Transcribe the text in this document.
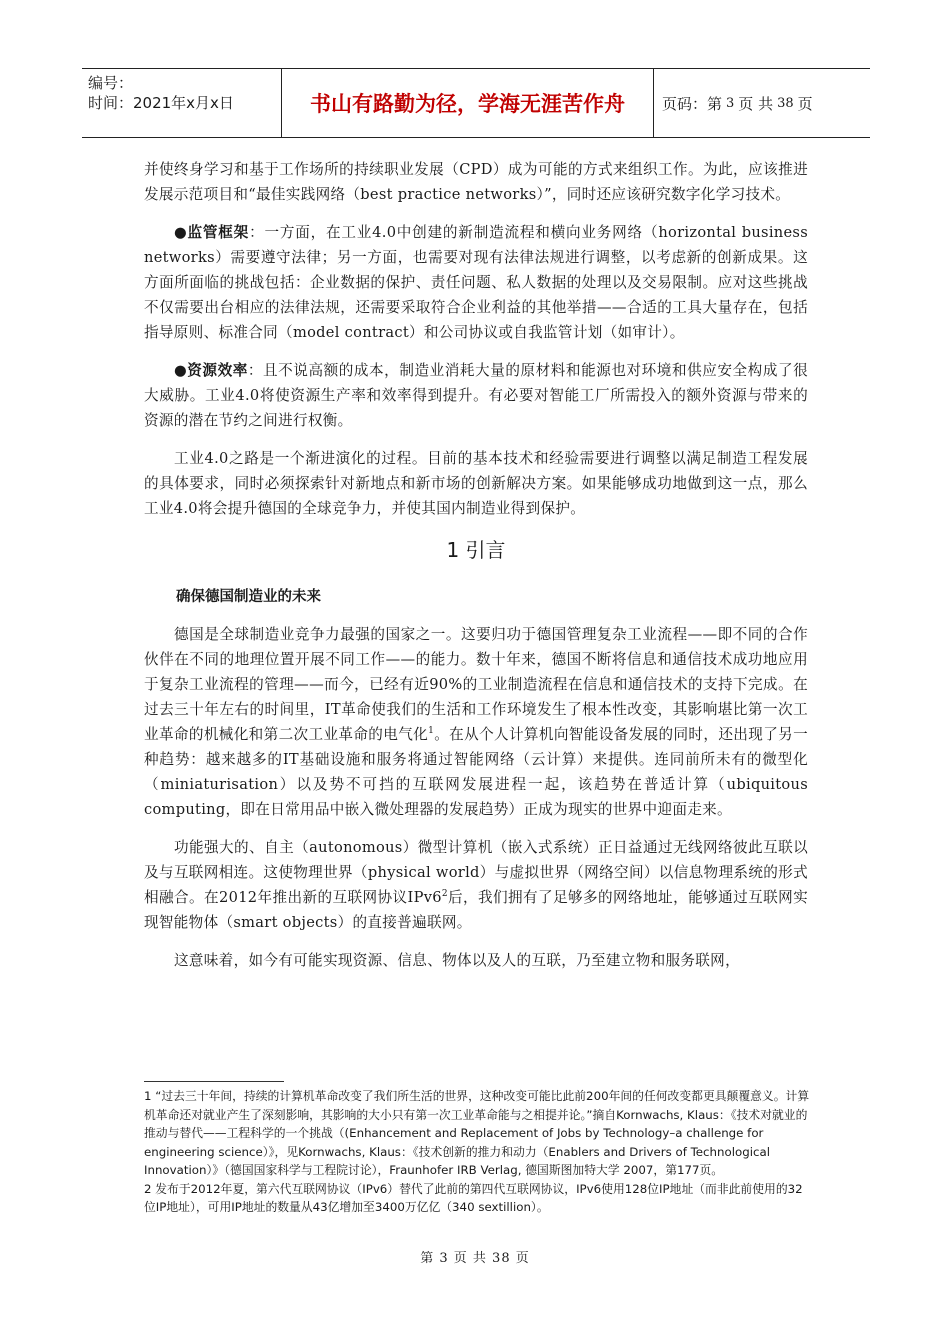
编号：
时间：2021年x月x日	书山有路勤为径，学海无涯苦作舟	页码：第 3 页 共 38 页

并使终身学习和基于工作场所的持续职业发展（CPD）成为可能的方式来组织工作。为此，应该推进发展示范项目和“最佳实践网络（best practice networks）”，同时还应该研究数字化学习技术。

●监管框架：一方面，在工业4.0中创建的新制造流程和横向业务网络（horizontal business networks）需要遵守法律；另一方面，也需要对现有法律法规进行调整，以考虑新的创新成果。这方面所面临的挑战包括：企业数据的保护、责任问题、私人数据的处理以及交易限制。应对这些挑战不仅需要出台相应的法律法规，还需要采取符合企业利益的其他举措——合适的工具大量存在，包括指导原则、标准合同（model contract）和公司协议或自我监管计划（如审计）。

●资源效率：且不说高额的成本，制造业消耗大量的原材料和能源也对环境和供应安全构成了很大威胁。工业4.0将使资源生产率和效率得到提升。有必要对智能工厂所需投入的额外资源与带来的资源的潜在节约之间进行权衡。

工业4.0之路是一个渐进演化的过程。目前的基本技术和经验需要进行调整以满足制造工程发展的具体要求，同时必须探索针对新地点和新市场的创新解决方案。如果能够成功地做到这一点，那么工业4.0将会提升德国的全球竞争力，并使其国内制造业得到保护。

1 引言
确保德国制造业的未来

德国是全球制造业竞争力最强的国家之一。这要归功于德国管理复杂工业流程——即不同的合作伙伴在不同的地理位置开展不同工作——的能力。数十年来，德国不断将信息和通信技术成功地应用于复杂工业流程的管理——而今，已经有近90%的工业制造流程在信息和通信技术的支持下完成。在过去三十年左右的时间里，IT革命使我们的生活和工作环境发生了根本性改变，其影响堪比第一次工业革命的机械化和第二次工业革命的电气化$^1$。在从个人计算机向智能设备发展的同时，还出现了另一种趋势：越来越多的IT基础设施和服务将通过智能网络（云计算）来提供。连同前所未有的微型化（miniaturisation）以及势不可挡的互联网发展进程一起，该趋势在普适计算（ubiquitous computing，即在日常用品中嵌入微处理器的发展趋势）正成为现实的世界中迎面走来。

功能强大的、自主（autonomous）微型计算机（嵌入式系统）正日益通过无线网络彼此互联以及与互联网相连。这使物理世界（physical world）与虚拟世界（网络空间）以信息物理系统的形式相融合。在2012年推出新的互联网协议$IPv6^2$后，我们拥有了足够多的网络地址，能够通过互联网实现智能物体（smart objects）的直接普遍联网。

这意味着，如今有可能实现资源、信息、物体以及人的互联，乃至建立物和服务联网，

1 “过去三十年间，持续的计算机革命改变了我们所生活的世界，这种改变可能比此前200年间的任何改变都更具颠覆意义。计算机革命还对就业产生了深刻影响，其影响的大小只有第一次工业革命能与之相提并论。”摘自Kornwachs, Klaus：《技术对就业的推动与替代——工程科学的一个挑战（(Enhancement and Replacement of Jobs by Technology–a challenge for engineering science）》，见Kornwachs, Klaus：《技术创新的推力和动力（Enablers and Drivers of Technological Innovation）》（德国国家科学与工程院讨论），Fraunhofer IRB Verlag, 德国斯图加特大学 2007，第177页。

2 发布于2012年夏，第六代互联网协议（IPv6）替代了此前的第四代互联网协议，IPv6使用128位IP地址（而非此前使用的32位IP地址），可用IP地址的数量从43亿增加至3400万亿亿（340 sextillion）。

第 3 页 共 38 页
